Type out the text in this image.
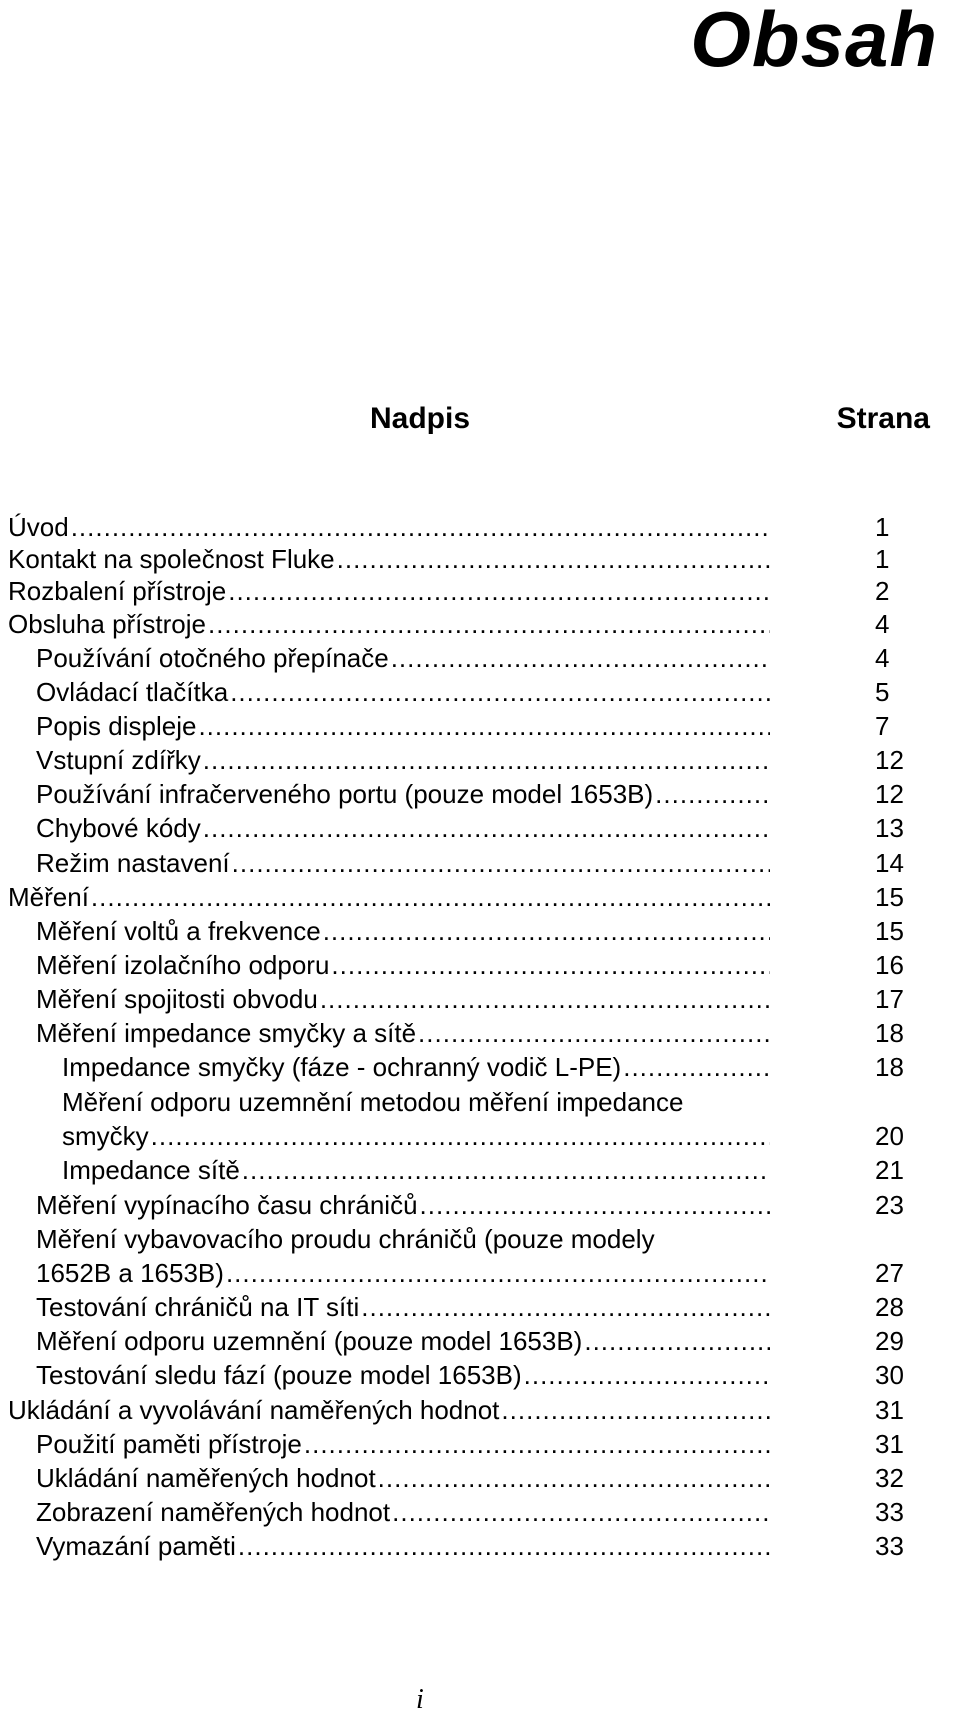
Obsah
Nadpis	Strana
Úvod .....	1
Kontakt na společnost Fluke .....	1
Rozbalení přístroje .....	2
Obsluha přístroje .....	4
Používání otočného přepínače .....	4
Ovládací tlačítka .....	5
Popis displeje .....	7
Vstupní zdířky .....	12
Používání infračerveného portu (pouze model 1653B) .....	12
Chybové kódy .....	13
Režim nastavení .....	14
Měření .....	15
Měření voltů a frekvence .....	15
Měření izolačního odporu .....	16
Měření spojitosti obvodu .....	17
Měření impedance smyčky a sítě .....	18
Impedance smyčky (fáze - ochranný vodič L-PE) .....	18
Měření odporu uzemnění metodou měření impedance
smyčky .....	20
Impedance sítě .....	21
Měření vypínacího času chráničů .....	23
Měření vybavovacího proudu chráničů (pouze modely
1652B a 1653B) .....	27
Testování chráničů na IT síti .....	28
Měření odporu uzemnění (pouze model 1653B) .....	29
Testování sledu fází (pouze model 1653B) .....	30
Ukládání a vyvolávání naměřených hodnot .....	31
Použití paměti přístroje .....	31
Ukládání naměřených hodnot .....	32
Zobrazení naměřených hodnot .....	33
Vymazání paměti .....	33
i
